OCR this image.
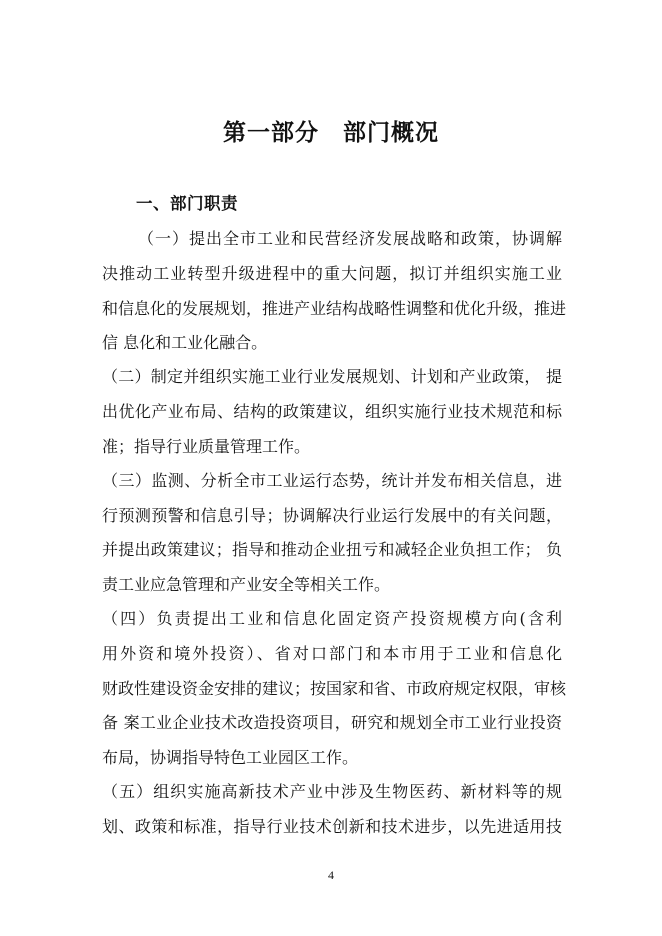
第一部分　部门概况
一、部门职责
（一）提出全市工业和民营经济发展战略和政策，协调解
决推动工业转型升级进程中的重大问题，拟订并组织实施工业
和信息化的发展规划，推进产业结构战略性调整和优化升级，推进
信 息化和工业化融合。
（二）制定并组织实施工业行业发展规划、计划和产业政策， 提
出优化产业布局、结构的政策建议，组织实施行业技术规范和标
准；指导行业质量管理工作。
（三）监测、分析全市工业运行态势，统计并发布相关信息，进
行预测预警和信息引导；协调解决行业运行发展中的有关问题，
并提出政策建议；指导和推动企业扭亏和减轻企业负担工作； 负
责工业应急管理和产业安全等相关工作。
（四）负责提出工业和信息化固定资产投资规模方向(含利
用外资和境外投资）、省对口部门和本市用于工业和信息化
财政性建设资金安排的建议；按国家和省、市政府规定权限，审核
备 案工业企业技术改造投资项目，研究和规划全市工业行业投资
布局，协调指导特色工业园区工作。
（五）组织实施高新技术产业中涉及生物医药、新材料等的规
划、政策和标准，指导行业技术创新和技术进步，以先进适用技
4
